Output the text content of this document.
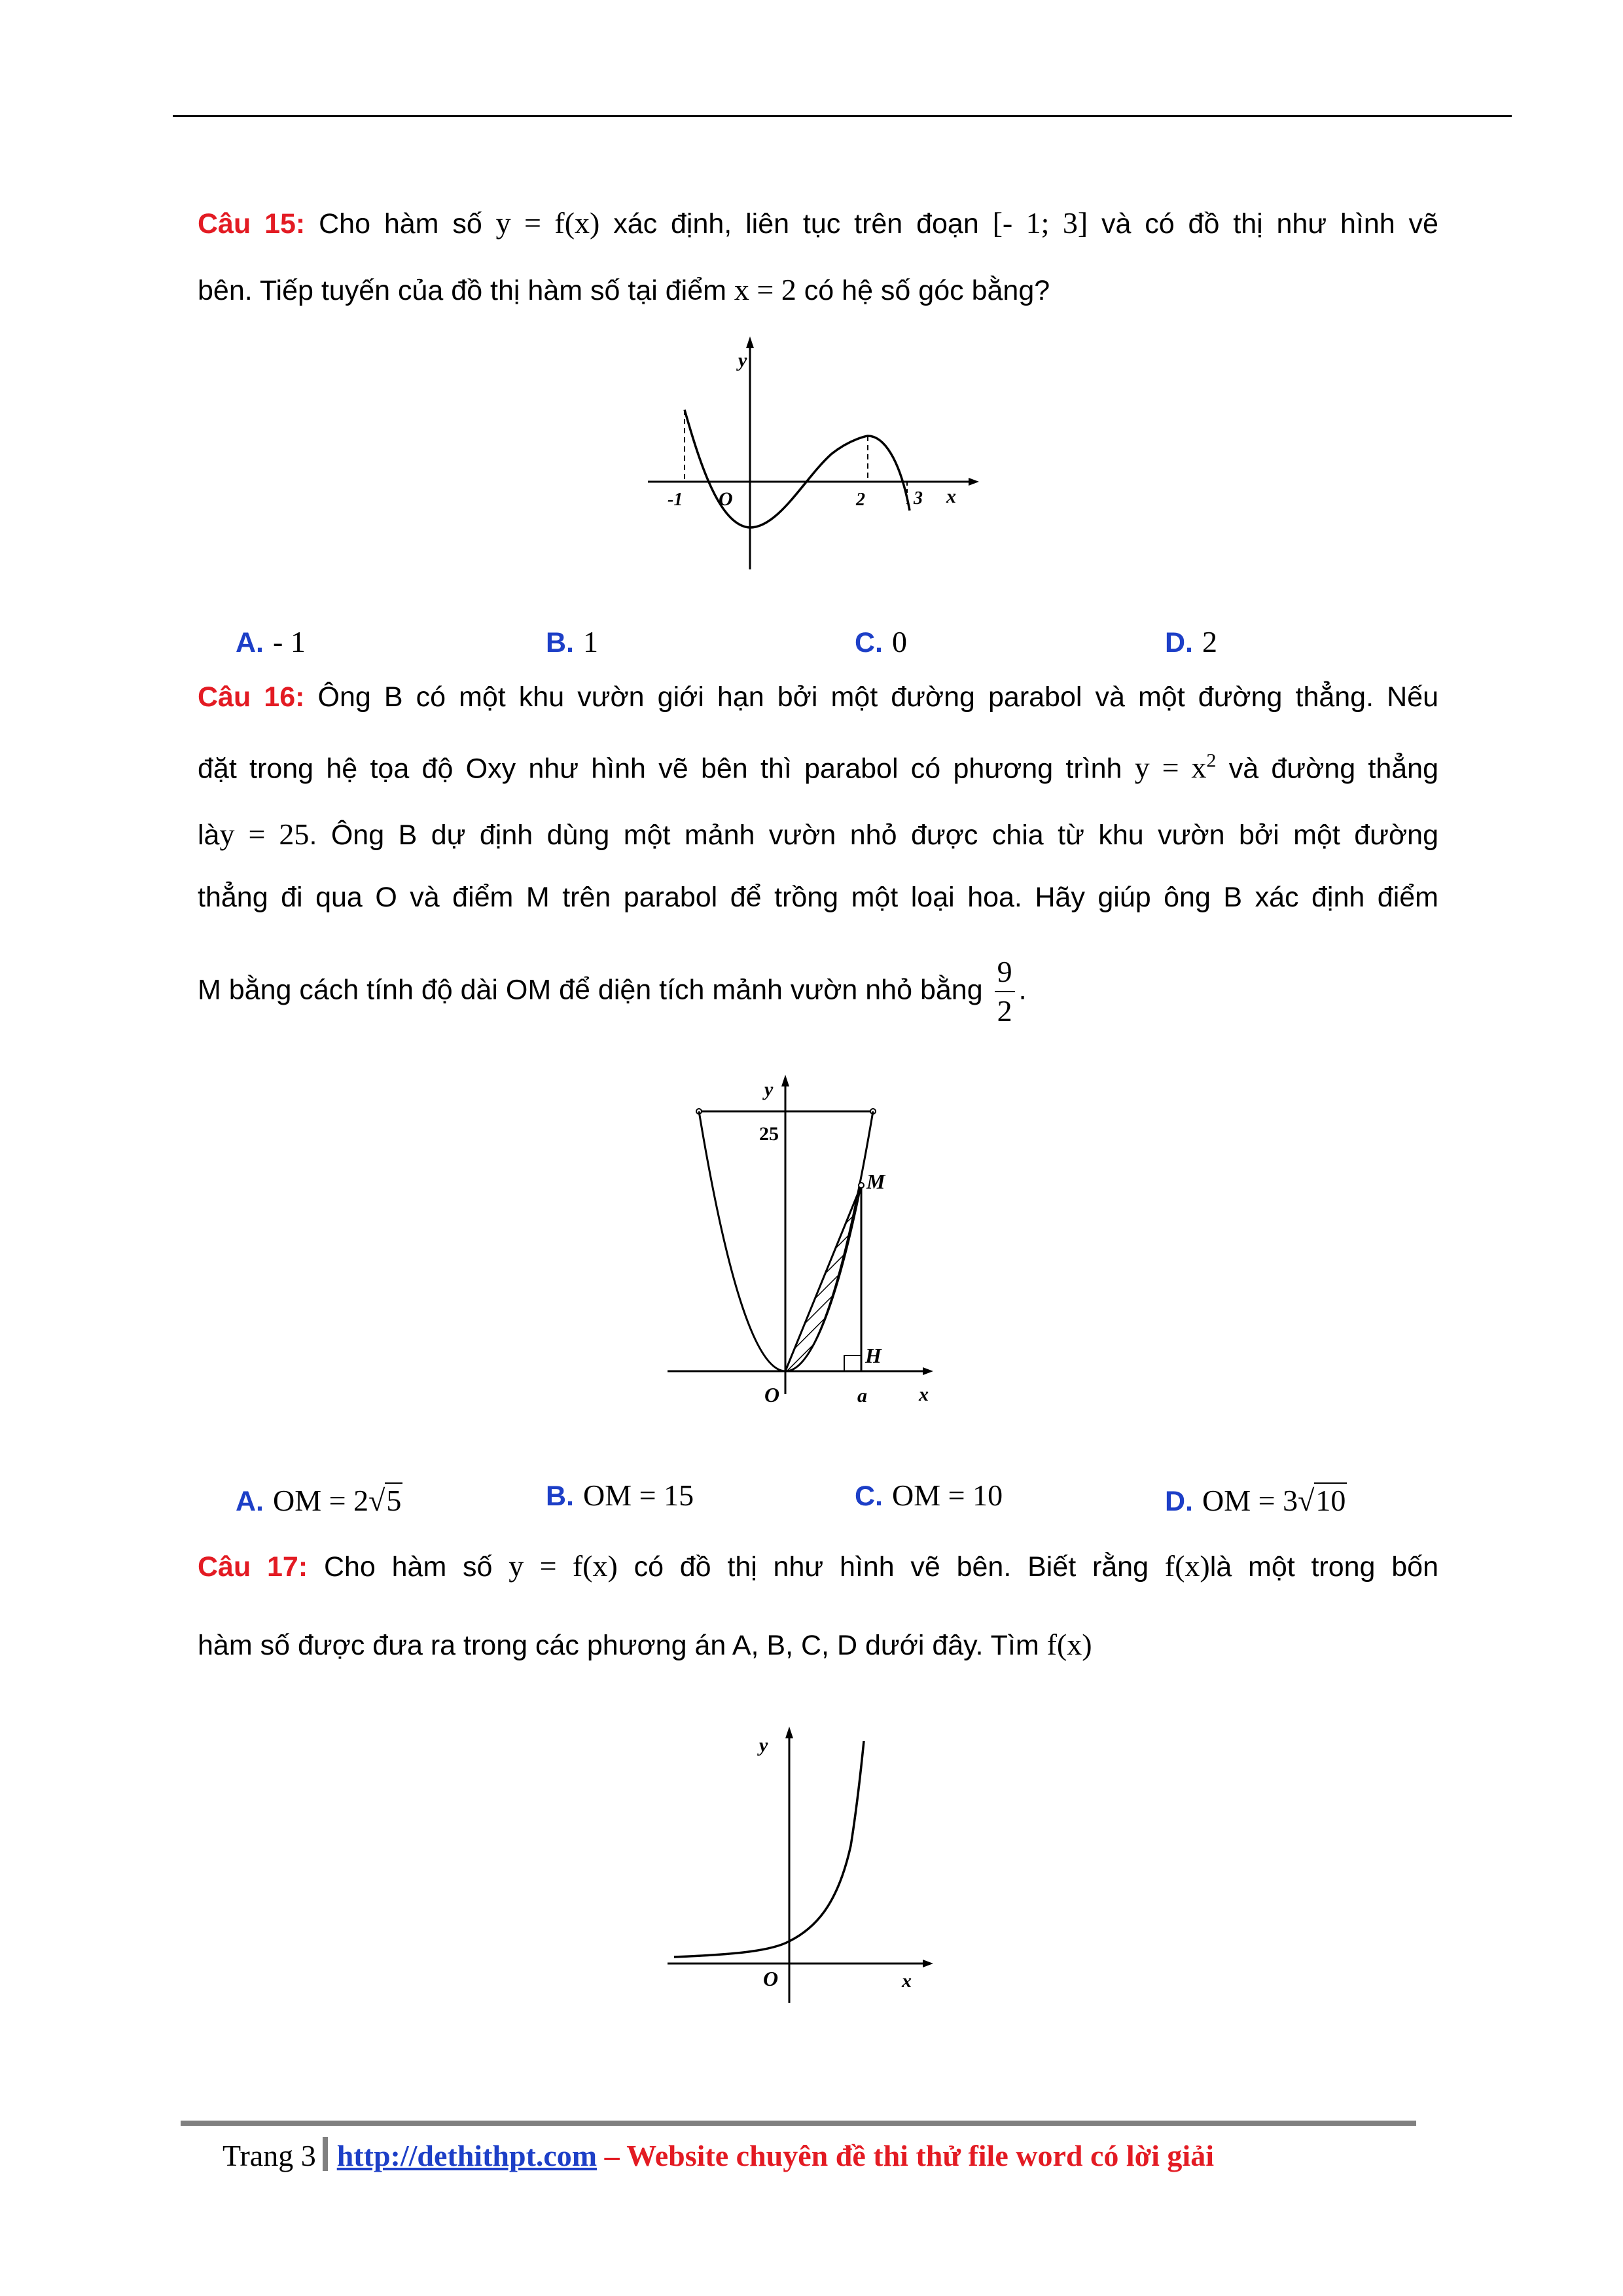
Câu 15: Cho hàm số y = f(x) xác định, liên tục trên đoạn [- 1; 3] và có đồ thị như hình vẽ
bên. Tiếp tuyến của đồ thị hàm số tại điểm x = 2 có hệ số góc bằng?
y
x
O
-1	2	3
A. - 1	B. 1	C. 0	D. 2
Câu 16: Ông B có một khu vườn giới hạn bởi một đường parabol và một đường thẳng. Nếu
đặt trong hệ tọa độ Oxy như hình vẽ bên thì parabol có phương trình $y = x^2$ và đường thẳng
lày = 25. Ông B dự định dùng một mảnh vườn nhỏ được chia từ khu vườn bởi một đường
thẳng đi qua O và điểm M trên parabol để trồng một loại hoa. Hãy giúp ông B xác định điểm
M bằng cách tính độ dài OM để diện tích mảnh vườn nhỏ bằng $\frac{9}{2}$ .
y
x
O
25
M
H
a
A. OM = 2√5	B. OM = 15	C. OM = 10	D. OM = 3√10
Câu 17: Cho hàm số y = f(x) có đồ thị như hình vẽ bên. Biết rằng f(x)là một trong bốn
hàm số được đưa ra trong các phương án A, B, C, D dưới đây. Tìm f(x)
y
x
O
Trang 3 http://dethithpt.com – Website chuyên đề thi thử file word có lời giải
